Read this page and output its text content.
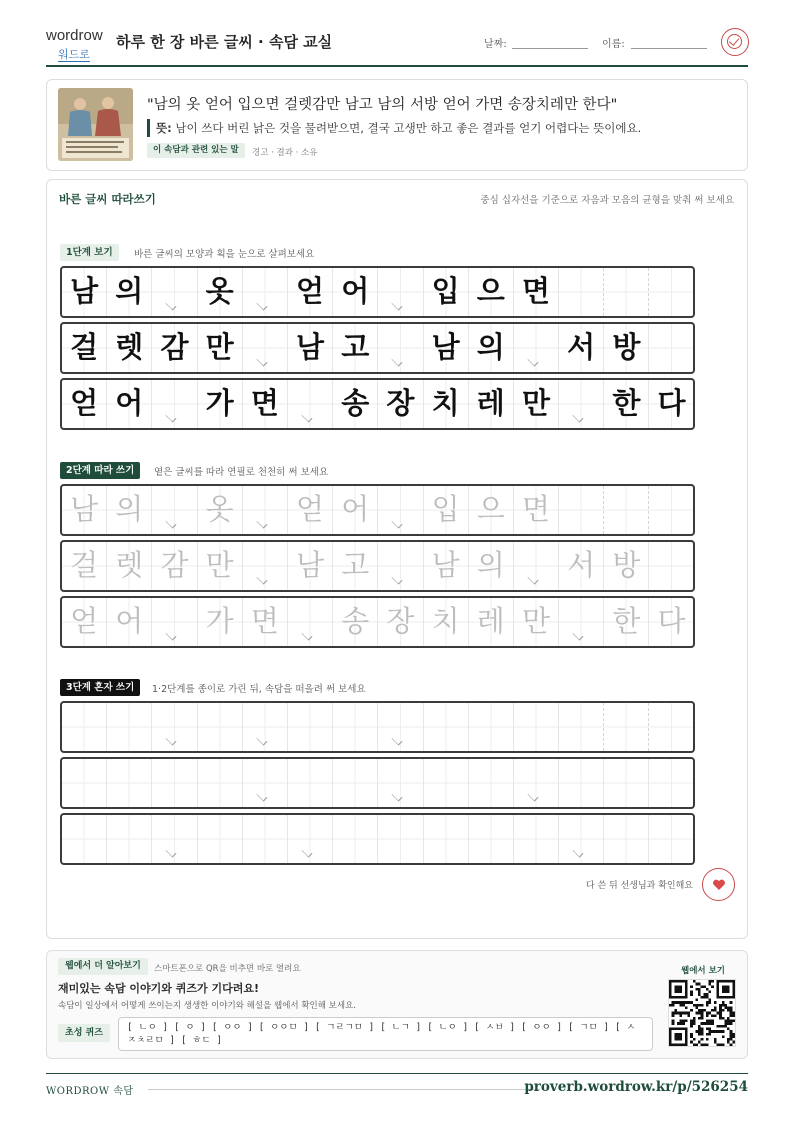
wordrow
워드로
하루 한 장 바른 글씨 · 속담 교실	날짜:	이름:
"남의 옷 얻어 입으면 걸렛감만 남고 남의 서방 얻어 가면 송장치레만 한다"
뜻: 남이 쓰다 버린 낡은 것을 물려받으면, 결국 고생만 하고 좋은 결과를 얻기 어렵다는 뜻이에요.
이 속담과 관련 있는 말	경고 · 결과 · 소유
바른 글씨 따라쓰기	중심 십자선을 기준으로 자음과 모음의 균형을 맞춰 써 보세요
1단계 보기	바른 글씨의 모양과 획을 눈으로 살펴보세요
2단계 따라 쓰기	옅은 글씨를 따라 연필로 천천히 써 보세요
3단계 혼자 쓰기	1·2단계를 종이로 가린 뒤, 속담을 떠올려 써 보세요
남 의 옷 얻 어 입 으 면
걸 렛 감 만 남 고 남 의 서 방
얻 어 가 면 송 장 치 레 만 한 다
남 의 옷 얻 어 입 으 면
걸 렛 감 만 남 고 남 의 서 방
얻 어 가 면 송 장 치 레 만 한 다
다 쓴 뒤 선생님과 확인해요
웹에서 더 알아보기	스마트폰으로 QR을 비추면 바로 열려요
재미있는 속담 이야기와 퀴즈가 기다려요!
속담이 일상에서 어떻게 쓰이는지 생생한 이야기와 해설을 웹에서 확인해 보세요.
초성 퀴즈	[ ㄴㅇ ] [ ㅇ ] [ ㅇㅇ ] [ ㅇㅇㅁ ] [ ㄱㄹㄱㅁ ] [ ㄴㄱ ] [ ㄴㅇ ] [ ㅅㅂ ] [ ㅇㅇ ] [ ㄱㅁ ] [ ㅅㅈㅊㄹㅁ ] [ ㅎㄷ ]
웹에서 보기
WORDROW 속담	proverb.wordrow.kr/p/526254
